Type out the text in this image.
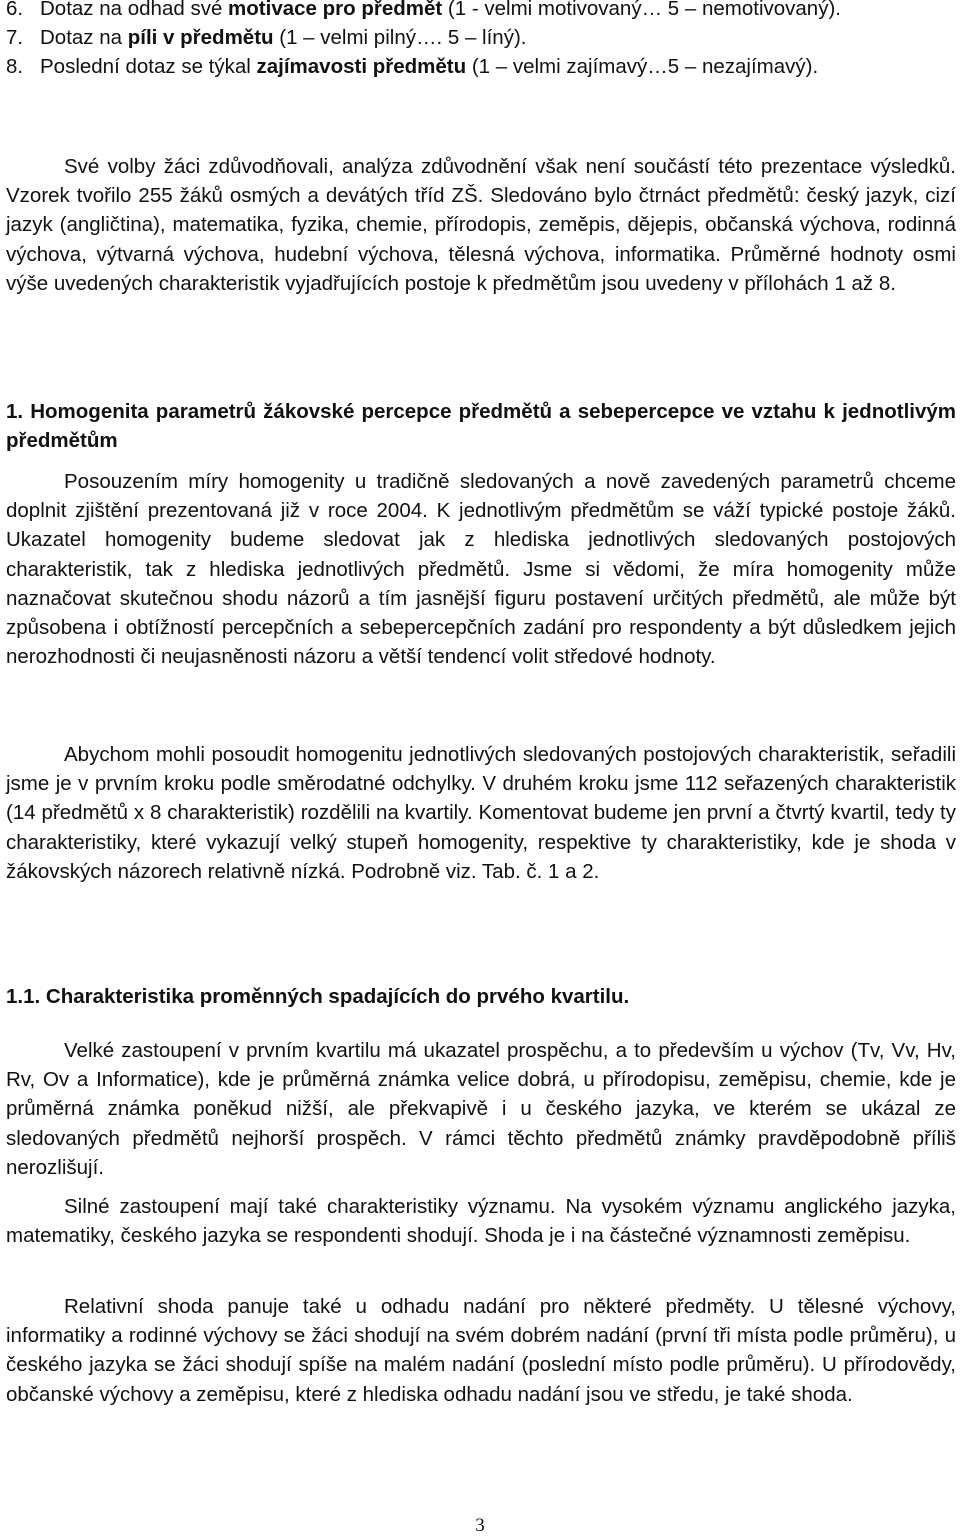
6. Dotaz na odhad své motivace pro předmět (1 - velmi motivovaný… 5 – nemotivovaný).
7. Dotaz na píli v předmětu (1 – velmi pilný…. 5 – líný).
8. Poslední dotaz se týkal zajímavosti předmětu (1 – velmi zajímavý…5 – nezajímavý).

Své volby žáci zdůvodňovali, analýza zdůvodnění však není součástí této prezentace výsledků. Vzorek tvořilo 255 žáků osmých a devátých tříd ZŠ. Sledováno bylo čtrnáct předmětů: český jazyk, cizí jazyk (angličtina), matematika, fyzika, chemie, přírodopis, zeměpis, dějepis, občanská výchova, rodinná výchova, výtvarná výchova, hudební výchova, tělesná výchova, informatika. Průměrné hodnoty osmi výše uvedených charakteristik vyjadřujících postoje k předmětům jsou uvedeny v přílohách 1 až 8.

1. Homogenita parametrů žákovské percepce předmětů a sebepercepce ve vztahu k jednotlivým předmětům

Posouzením míry homogenity u tradičně sledovaných a nově zavedených parametrů chceme doplnit zjištění prezentovaná již v roce 2004. K jednotlivým předmětům se váží typické postoje žáků. Ukazatel homogenity budeme sledovat jak z hlediska jednotlivých sledovaných postojových charakteristik, tak z hlediska jednotlivých předmětů. Jsme si vědomi, že míra homogenity může naznačovat skutečnou shodu názorů a tím jasnější figuru postavení určitých předmětů, ale může být způsobena i obtížností percepčních a sebepercepčních zadání pro respondenty a být důsledkem jejich nerozhodnosti či neujasněnosti názoru a větší tendencí volit středové hodnoty.

Abychom mohli posoudit homogenitu jednotlivých sledovaných postojových charakteristik, seřadili jsme je v prvním kroku podle směrodatné odchylky. V druhém kroku jsme 112 seřazených charakteristik (14 předmětů x 8 charakteristik) rozdělili na kvartily. Komentovat budeme jen první a čtvrtý kvartil, tedy ty charakteristiky, které vykazují velký stupeň homogenity, respektive ty charakteristiky, kde je shoda v žákovských názorech relativně nízká. Podrobně viz. Tab. č. 1 a 2.

1.1. Charakteristika proměnných spadajících do prvého kvartilu.

Velké zastoupení v prvním kvartilu má ukazatel prospěchu, a to především u výchov (Tv, Vv, Hv, Rv, Ov a Informatice), kde je průměrná známka velice dobrá, u přírodopisu, zeměpisu, chemie, kde je průměrná známka poněkud nižší, ale překvapivě i u českého jazyka, ve kterém se ukázal ze sledovaných předmětů nejhorší prospěch. V rámci těchto předmětů známky pravděpodobně příliš nerozlišují.

Silné zastoupení mají také charakteristiky významu. Na vysokém významu anglického jazyka, matematiky, českého jazyka se respondenti shodují. Shoda je i na částečné významnosti zeměpisu.

Relativní shoda panuje také u odhadu nadání pro některé předměty. U tělesné výchovy, informatiky a rodinné výchovy se žáci shodují na svém dobrém nadání (první tři místa podle průměru), u českého jazyka se žáci shodují spíše na malém nadání (poslední místo podle průměru). U přírodovědy, občanské výchovy a zeměpisu, které z hlediska odhadu nadání jsou ve středu, je také shoda.

3
